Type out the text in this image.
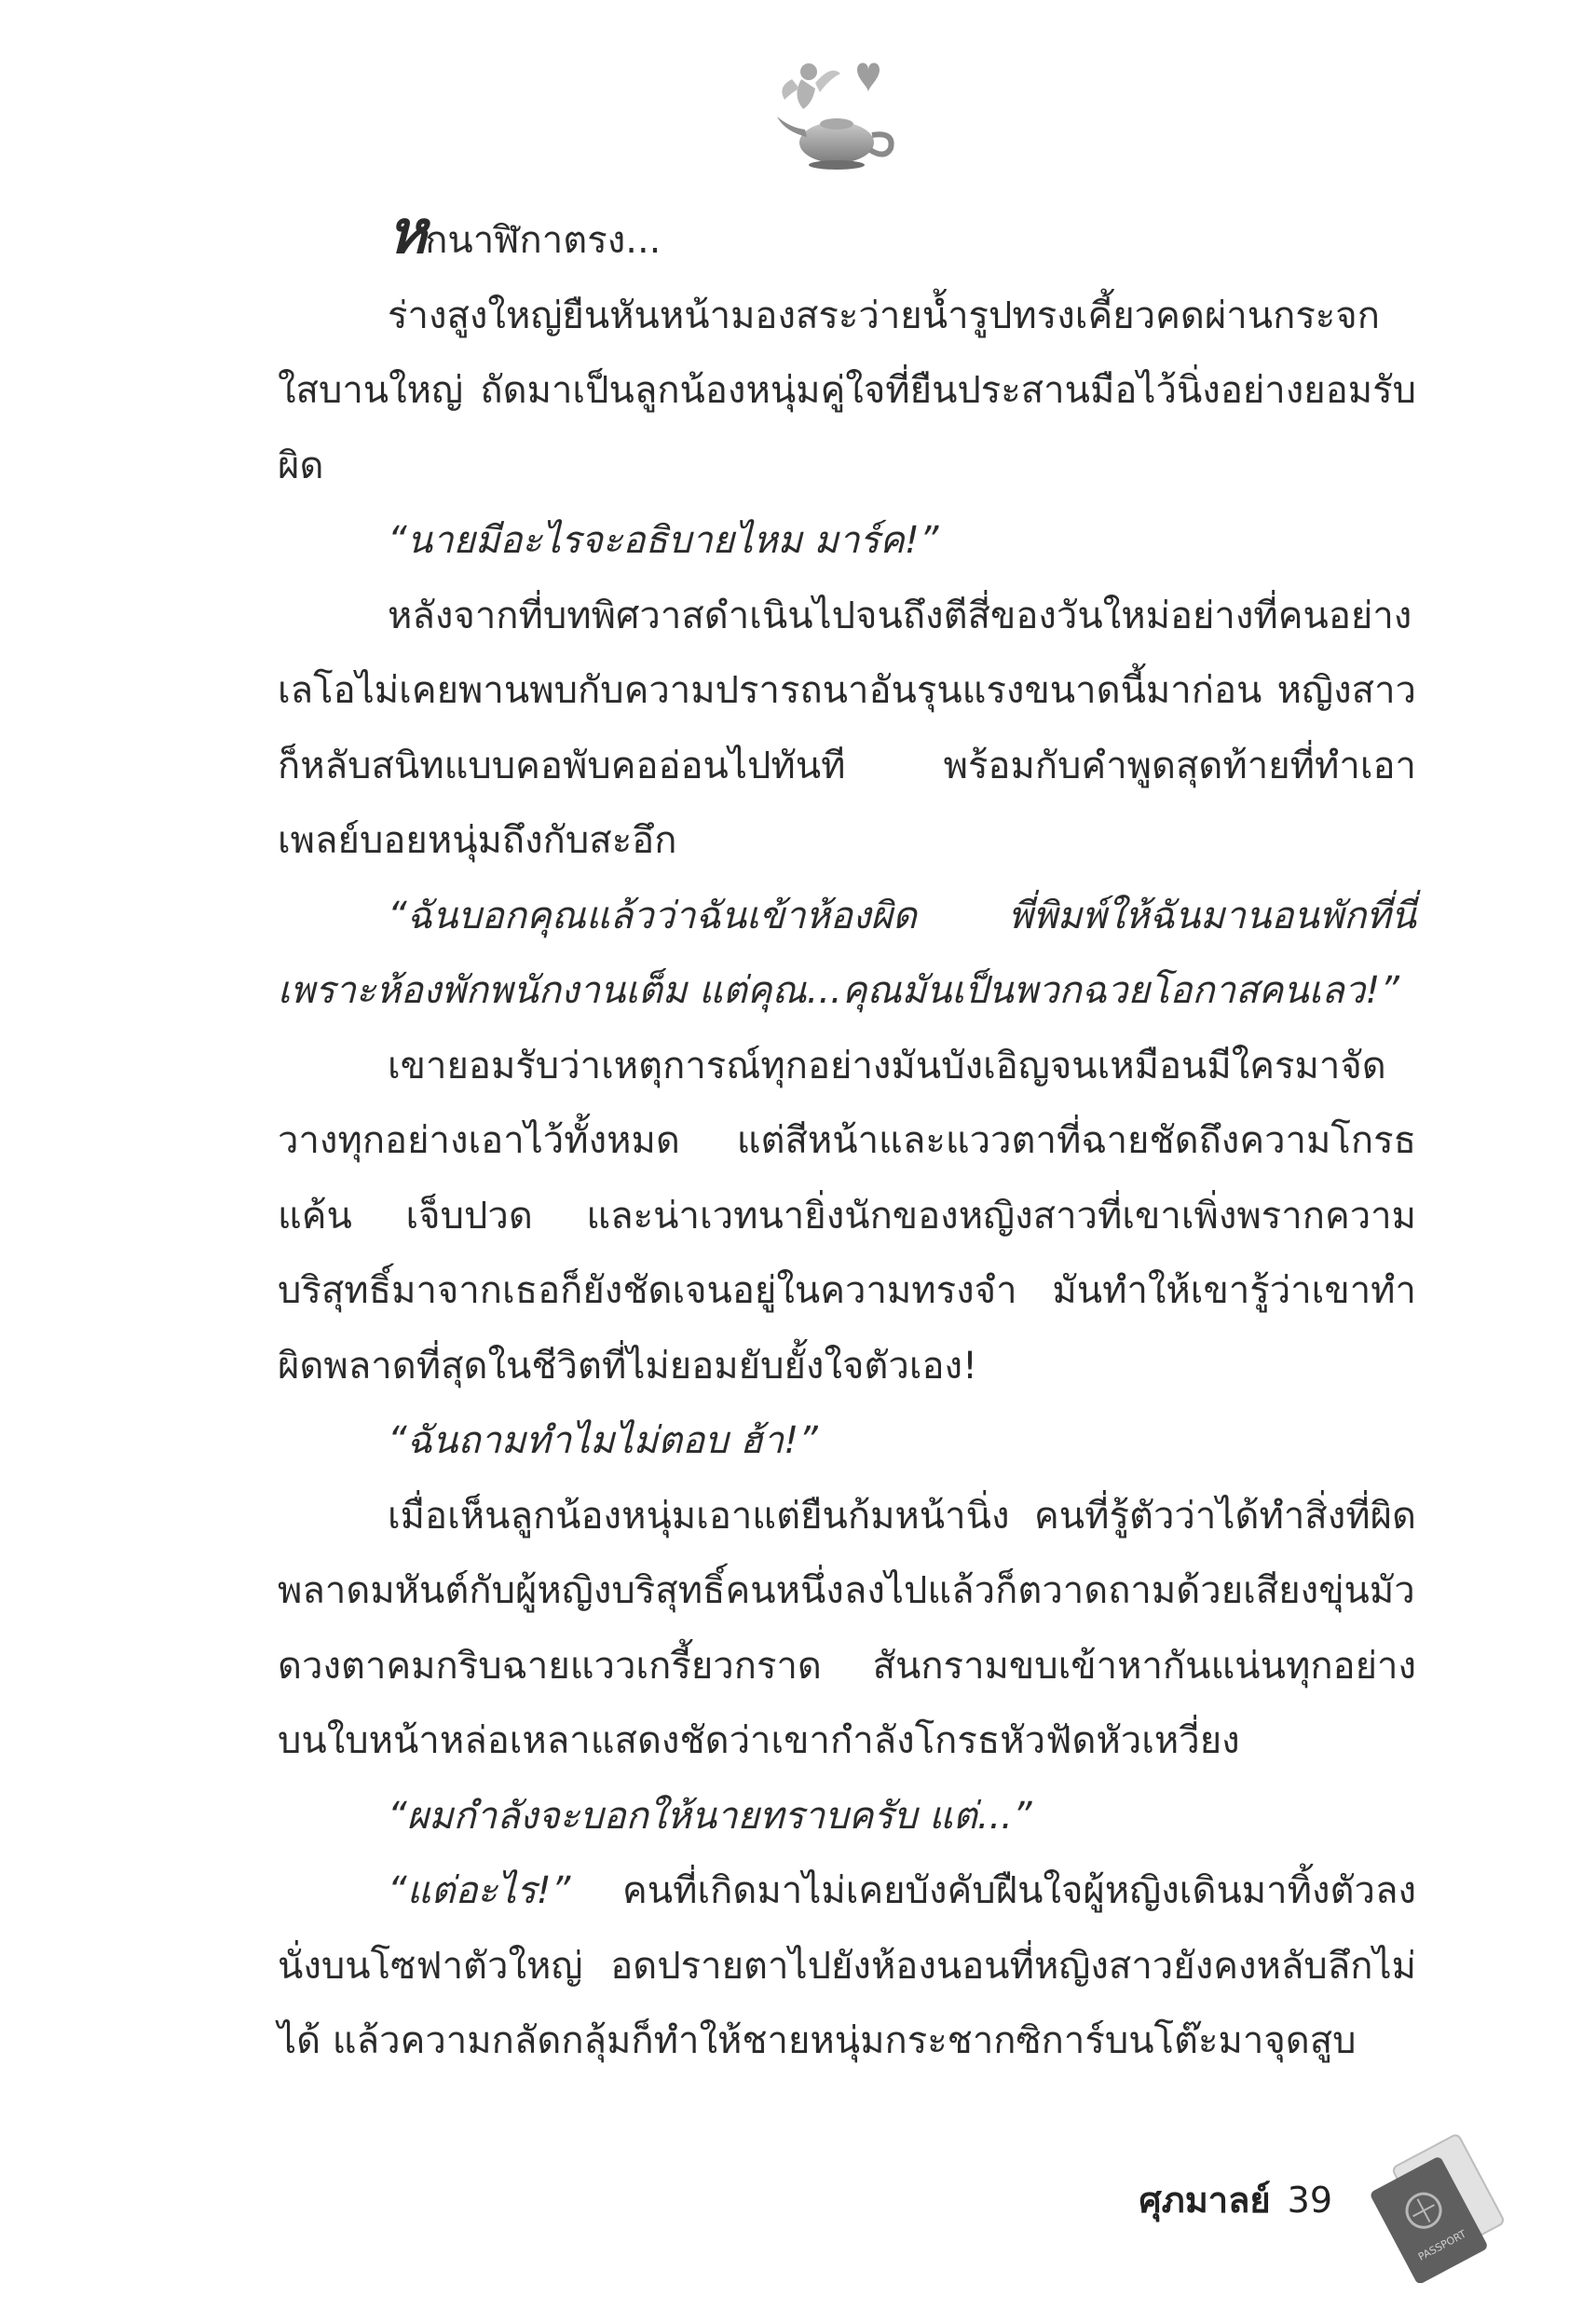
หกนาฬิกาตรง...

ร่างสูงใหญ่ยืนหันหน้ามองสระว่ายน้ำรูปทรงเคี้ยวคดผ่านกระจกใสบานใหญ่ ถัดมาเป็นลูกน้องหนุ่มคู่ใจที่ยืนประสานมือไว้นิ่งอย่างยอมรับผิด

“นายมีอะไรจะอธิบายไหม มาร์ค!”

หลังจากที่บทพิศวาสดำเนินไปจนถึงตีสี่ของวันใหม่อย่างที่คนอย่างเลโอไม่เคยพานพบกับความปรารถนาอันรุนแรงขนาดนี้มาก่อน หญิงสาวก็หลับสนิทแบบคอพับคออ่อนไปทันที พร้อมกับคำพูดสุดท้ายที่ทำเอาเพลย์บอยหนุ่มถึงกับสะอึก

“ฉันบอกคุณแล้วว่าฉันเข้าห้องผิด พี่พิมพ์ให้ฉันมานอนพักที่นี่เพราะห้องพักพนักงานเต็ม แต่คุณ...คุณมันเป็นพวกฉวยโอกาสคนเลว!”

เขายอมรับว่าเหตุการณ์ทุกอย่างมันบังเอิญจนเหมือนมีใครมาจัดวางทุกอย่างเอาไว้ทั้งหมด แต่สีหน้าและแววตาที่ฉายชัดถึงความโกรธแค้น เจ็บปวด และน่าเวทนายิ่งนักของหญิงสาวที่เขาเพิ่งพรากความบริสุทธิ์มาจากเธอก็ยังชัดเจนอยู่ในความทรงจำ มันทำให้เขารู้ว่าเขาทำผิดพลาดที่สุดในชีวิตที่ไม่ยอมยับยั้งใจตัวเอง!

“ฉันถามทำไมไม่ตอบ ฮ้า!”

เมื่อเห็นลูกน้องหนุ่มเอาแต่ยืนก้มหน้านิ่ง คนที่รู้ตัวว่าได้ทำสิ่งที่ผิดพลาดมหันต์กับผู้หญิงบริสุทธิ์คนหนึ่งลงไปแล้วก็ตวาดถามด้วยเสียงขุ่นมัว ดวงตาคมกริบฉายแววเกรี้ยวกราด สันกรามขบเข้าหากันแน่นทุกอย่างบนใบหน้าหล่อเหลาแสดงชัดว่าเขากำลังโกรธหัวฟัดหัวเหวี่ยง

“ผมกำลังจะบอกให้นายทราบครับ แต่...”

“แต่อะไร!” คนที่เกิดมาไม่เคยบังคับฝืนใจผู้หญิงเดินมาทิ้งตัวลงนั่งบนโซฟาตัวใหญ่ อดปรายตาไปยังห้องนอนที่หญิงสาวยังคงหลับลึกไม่ได้ แล้วความกลัดกลุ้มก็ทำให้ชายหนุ่มกระชากซิการ์บนโต๊ะมาจุดสูบ

ศุภมาลย์ 39
PASSPORT
